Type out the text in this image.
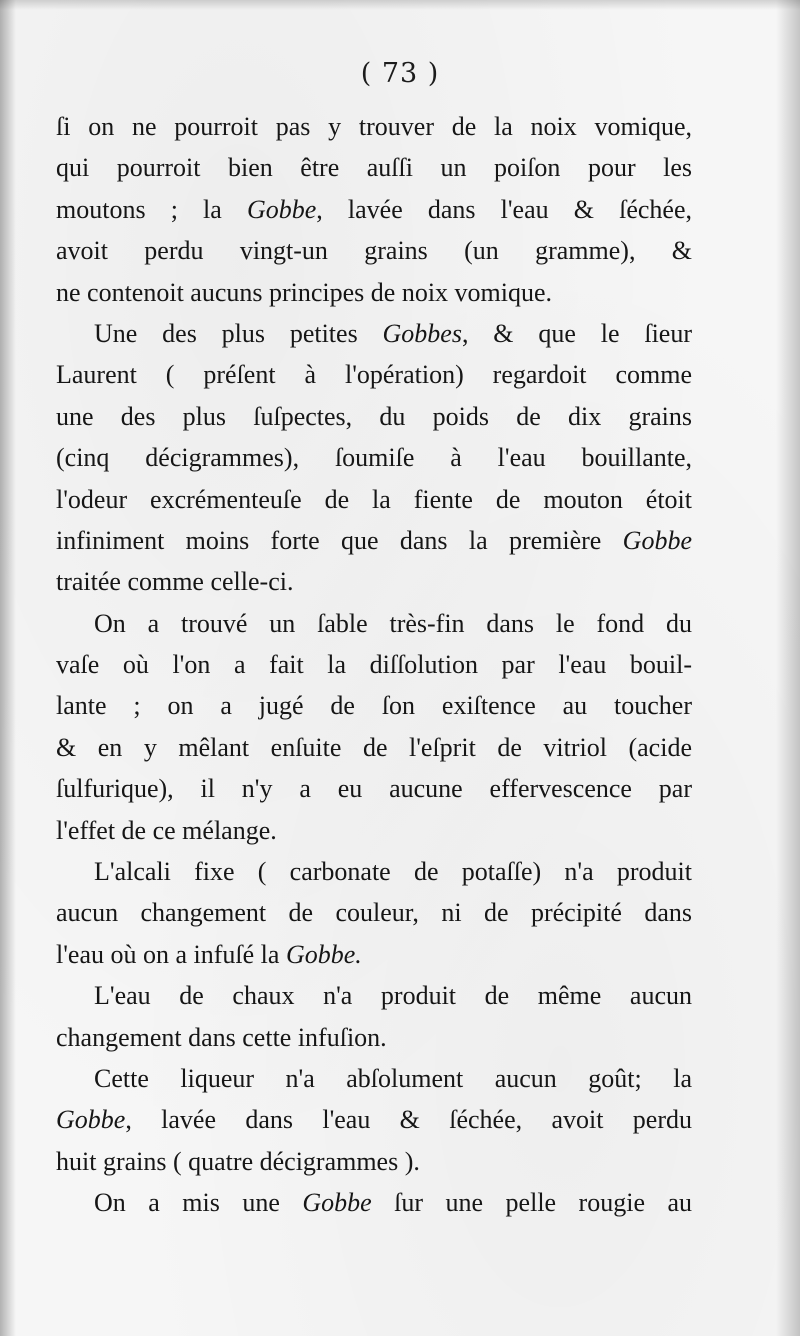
( 73 )
ſi on ne pourroit pas y trouver de la noix vomique,
qui pourroit bien être auſſi un poiſon pour les
moutons ; la Gobbe, lavée dans l'eau & ſéchée,
avoit perdu vingt-un grains (un gramme), &
ne contenoit aucuns principes de noix vomique.
Une des plus petites Gobbes, & que le ſieur
Laurent ( préſent à l'opération) regardoit comme
une des plus ſuſpectes, du poids de dix grains
(cinq décigrammes), ſoumiſe à l'eau bouillante,
l'odeur excrémenteuſe de la fiente de mouton étoit
infiniment moins forte que dans la première Gobbe
traitée comme celle-ci.
On a trouvé un ſable très-fin dans le fond du
vaſe où l'on a fait la diſſolution par l'eau bouil-
lante ; on a jugé de ſon exiſtence au toucher
& en y mêlant enſuite de l'eſprit de vitriol (acide
ſulfurique), il n'y a eu aucune effervescence par
l'effet de ce mélange.
L'alcali fixe ( carbonate de potaſſe) n'a produit
aucun changement de couleur, ni de précipité dans
l'eau où on a infuſé la Gobbe.
L'eau de chaux n'a produit de même aucun
changement dans cette infuſion.
Cette liqueur n'a abſolument aucun goût; la
Gobbe, lavée dans l'eau & ſéchée, avoit perdu
huit grains ( quatre décigrammes ).
On a mis une Gobbe ſur une pelle rougie au
